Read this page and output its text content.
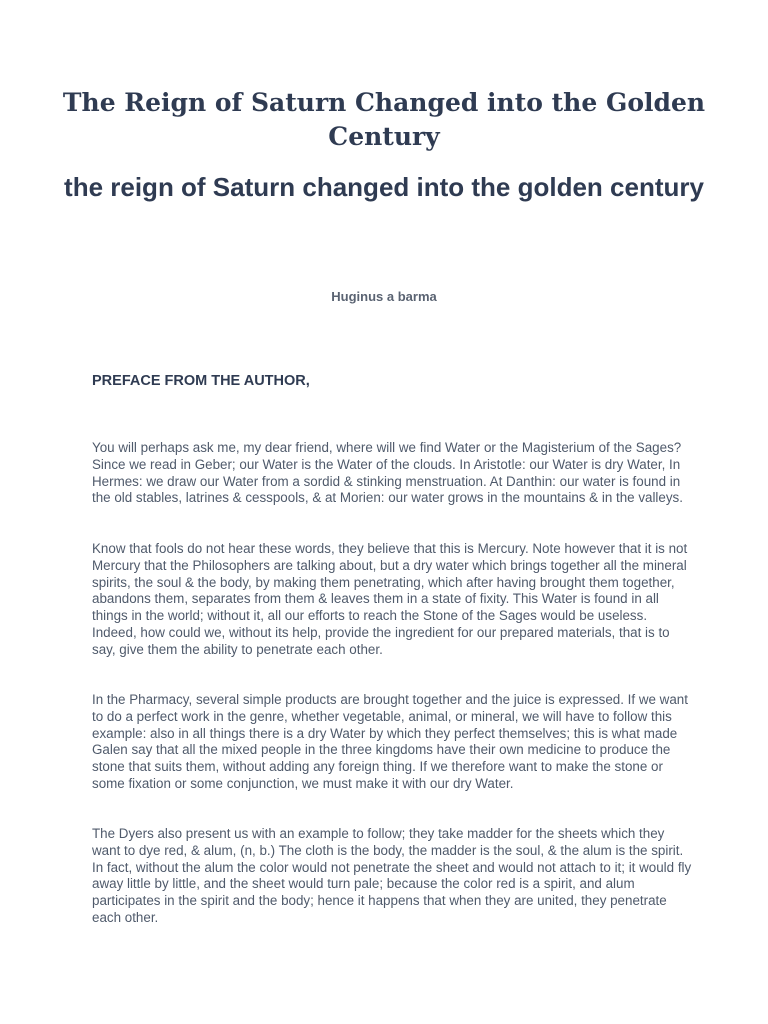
The Reign of Saturn Changed into the Golden Century
the reign of Saturn changed into the golden century

Huginus a barma

PREFACE FROM THE AUTHOR,

You will perhaps ask me, my dear friend, where will we find Water or the Magisterium of the Sages? Since we read in Geber; our Water is the Water of the clouds. In Aristotle: our Water is dry Water, In Hermes: we draw our Water from a sordid & stinking menstruation. At Danthin: our water is found in the old stables, latrines & cesspools, & at Morien: our water grows in the mountains & in the valleys.

Know that fools do not hear these words, they believe that this is Mercury. Note however that it is not Mercury that the Philosophers are talking about, but a dry water which brings together all the mineral spirits, the soul & the body, by making them penetrating, which after having brought them together, abandons them, separates from them & leaves them in a state of fixity. This Water is found in all things in the world; without it, all our efforts to reach the Stone of the Sages would be useless. Indeed, how could we, without its help, provide the ingredient for our prepared materials, that is to say, give them the ability to penetrate each other.

In the Pharmacy, several simple products are brought together and the juice is expressed. If we want to do a perfect work in the genre, whether vegetable, animal, or mineral, we will have to follow this example: also in all things there is a dry Water by which they perfect themselves; this is what made Galen say that all the mixed people in the three kingdoms have their own medicine to produce the stone that suits them, without adding any foreign thing. If we therefore want to make the stone or some fixation or some conjunction, we must make it with our dry Water.

The Dyers also present us with an example to follow; they take madder for the sheets which they want to dye red, & alum, (n, b.) The cloth is the body, the madder is the soul, & the alum is the spirit. In fact, without the alum the color would not penetrate the sheet and would not attach to it; it would fly away little by little, and the sheet would turn pale; because the color red is a spirit, and alum participates in the spirit and the body; hence it happens that when they are united, they penetrate each other.
